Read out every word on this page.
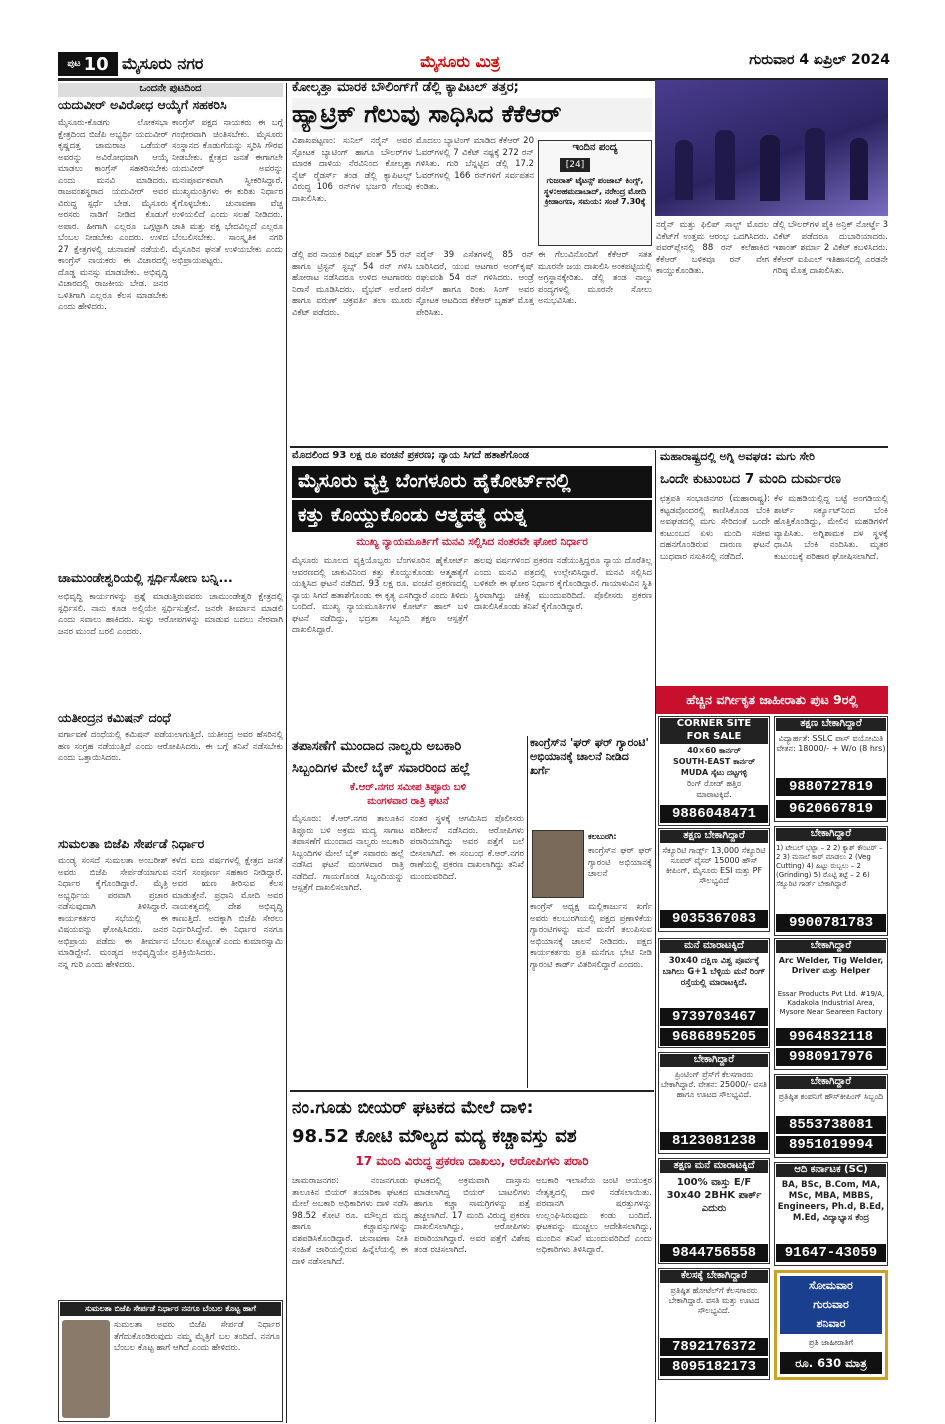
ಪುಟ 10 ಮೈಸೂರು ನಗರ	ಮೈಸೂರು ಮಿತ್ರ	ಗುರುವಾರ 4 ಏಪ್ರಿಲ್ 2024
ಒಂದನೇ ಪುಟದಿಂದ
ಯದುವೀರ್ ಅವಿರೋಧ ಆಯ್ಕೆಗೆ ಸಹಕರಿಸಿ
ಮೈಸೂರು-ಕೊಡಗು ಲೋಕಸಭಾ ಕ್ಷೇತ್ರದಿಂದ ಬಿಜೆಪಿ ಅಭ್ಯರ್ಥಿ ಯದುವೀರ್ ಕೃಷ್ಣದತ್ತ ಚಾಮರಾಜ ಒಡೆಯರ್ ಅವರನ್ನು ಅವಿರೋಧವಾಗಿ ಆಯ್ಕೆ ಮಾಡಲು ಕಾಂಗ್ರೆಸ್ ಸಹಕರಿಸಬೇಕು ಎಂದು ಮನವಿ ಮಾಡಿದರು. ರಾಜವಂಶಸ್ಥರಾದ ಯದುವೀರ್ ಅವರ ವಿರುದ್ಧ ಸ್ಪರ್ಧೆ ಬೇಡ. ಮೈಸೂರು ಅರಸರು ನಾಡಿಗೆ ನೀಡಿದ ಕೊಡುಗೆ ಅಪಾರ. ಹೀಗಾಗಿ ಎಲ್ಲರೂ ಒಗ್ಗಟ್ಟಾಗಿ ಬೆಂಬಲ ನೀಡಬೇಕು ಎಂದರು. ಉಳಿದ 27 ಕ್ಷೇತ್ರಗಳಲ್ಲಿ ಚುನಾವಣೆ ನಡೆಯಲಿ. ಕಾಂಗ್ರೆಸ್ ನಾಯಕರು ಈ ವಿಚಾರದಲ್ಲಿ ದೊಡ್ಡ ಮನಸ್ಸು ಮಾಡಬೇಕು. ಅಭಿವೃದ್ಧಿ ವಿಚಾರದಲ್ಲಿ ರಾಜಕೀಯ ಬೇಡ. ಜನರ ಒಳಿತಿಗಾಗಿ ಎಲ್ಲರೂ ಕೆಲಸ ಮಾಡಬೇಕು ಎಂದು ಹೇಳಿದರು.
ಕಾಂಗ್ರೆಸ್ ಪಕ್ಷದ ನಾಯಕರು ಈ ಬಗ್ಗೆ ಗಂಭೀರವಾಗಿ ಚಿಂತಿಸಬೇಕು. ಮೈಸೂರು ಸಂಸ್ಥಾನದ ಕೊಡುಗೆಯನ್ನು ಸ್ಮರಿಸಿ ಗೌರವ ನೀಡಬೇಕು. ಕ್ಷೇತ್ರದ ಜನತೆ ಈಗಾಗಲೇ ಯದುವೀರ್ ಅವರನ್ನು ಮನಃಪೂರ್ವಕವಾಗಿ ಸ್ವೀಕರಿಸಿದ್ದಾರೆ. ಮುಖ್ಯಮಂತ್ರಿಗಳು ಈ ಕುರಿತು ನಿರ್ಧಾರ ಕೈಗೊಳ್ಳಬೇಕು. ಚುನಾವಣಾ ವೆಚ್ಚ ಉಳಿಯಲಿದೆ ಎಂದು ಸಲಹೆ ನೀಡಿದರು. ಜಾತಿ ಮತ್ತು ಪಕ್ಷ ಭೇದವಿಲ್ಲದೆ ಎಲ್ಲರೂ ಬೆಂಬಲಿಸಬೇಕು. ಸಾಂಸ್ಕೃತಿಕ ನಗರಿ ಮೈಸೂರಿನ ಘನತೆ ಉಳಿಯಬೇಕು ಎಂದು ಅಭಿಪ್ರಾಯಪಟ್ಟರು.
ಚಾಮುಂಡೇಶ್ವರಿಯಲ್ಲಿ ಸ್ಪರ್ಧಿಸೋಣ ಬನ್ನಿ...
ಅಭಿವೃದ್ಧಿ ಕಾರ್ಯಗಳನ್ನು ಪ್ರಶ್ನೆ ಮಾಡುತ್ತಿರುವವರು ಚಾಮುಂಡೇಶ್ವರಿ ಕ್ಷೇತ್ರದಲ್ಲಿ ಸ್ಪರ್ಧಿಸಲಿ. ನಾನು ಕೂಡ ಅಲ್ಲಿಯೇ ಸ್ಪರ್ಧಿಸುತ್ತೇನೆ. ಜನರೇ ತೀರ್ಮಾನ ಮಾಡಲಿ ಎಂದು ಸವಾಲು ಹಾಕಿದರು. ಸುಳ್ಳು ಆರೋಪಗಳನ್ನು ಮಾಡುವ ಬದಲು ನೇರವಾಗಿ ಜನರ ಮುಂದೆ ಬರಲಿ ಎಂದರು.
ಯತೀಂದ್ರನ ಕಮಿಷನ್ ದಂಧೆ
ವರ್ಗಾವಣೆ ದಂಧೆಯಲ್ಲಿ ಕಮಿಷನ್ ಪಡೆಯಲಾಗುತ್ತಿದೆ. ಯತೀಂದ್ರ ಅವರ ಹೆಸರಿನಲ್ಲಿ ಹಣ ಸಂಗ್ರಹ ನಡೆಯುತ್ತಿದೆ ಎಂದು ಆರೋಪಿಸಿದರು. ಈ ಬಗ್ಗೆ ತನಿಖೆ ನಡೆಸಬೇಕು ಎಂದು ಒತ್ತಾಯಿಸಿದರು.
ಸುಮಲತಾ ಬಿಜೆಪಿ ಸೇರ್ಪಡೆ ನಿರ್ಧಾರ
ಮಂಡ್ಯ ಸಂಸದೆ ಸುಮಲತಾ ಅಂಬರೀಶ್ ಅವರು ಬಿಜೆಪಿ ಸೇರ್ಪಡೆಯಾಗುವ ನಿರ್ಧಾರ ಕೈಗೊಂಡಿದ್ದಾರೆ. ಮೈತ್ರಿ ಅಭ್ಯರ್ಥಿಯ ಪರವಾಗಿ ಪ್ರಚಾರ ನಡೆಸುವುದಾಗಿ ತಿಳಿಸಿದ್ದಾರೆ. ಕಾರ್ಯಕರ್ತರ ಸಭೆಯಲ್ಲಿ ಈ ವಿಷಯವನ್ನು ಘೋಷಿಸಿದರು. ಜನರ ಅಭಿಪ್ರಾಯ ಪಡೆದು ಈ ತೀರ್ಮಾನ ಮಾಡಿದ್ದೇನೆ. ಮಂಡ್ಯದ ಅಭಿವೃದ್ಧಿಯೇ ನನ್ನ ಗುರಿ ಎಂದು ಹೇಳಿದರು.
ಕಳೆದ ಐದು ವರ್ಷಗಳಲ್ಲಿ ಕ್ಷೇತ್ರದ ಜನತೆ ನನಗೆ ಸಂಪೂರ್ಣ ಸಹಕಾರ ನೀಡಿದ್ದಾರೆ. ಅವರ ಋಣ ತೀರಿಸುವ ಕೆಲಸ ಮಾಡುತ್ತೇನೆ. ಪ್ರಧಾನಿ ಮೋದಿ ಅವರ ನಾಯಕತ್ವದಲ್ಲಿ ದೇಶ ಅಭಿವೃದ್ಧಿ ಕಾಣುತ್ತಿದೆ. ಅದಕ್ಕಾಗಿ ಬಿಜೆಪಿ ಸೇರಲು ನಿರ್ಧರಿಸಿದ್ದೇನೆ. ಈ ನಿರ್ಧಾರ ನನಗೂ ಬೆಂಬಲ ಕೊಟ್ಟಂತೆ ಎಂದು ಕುಮಾರಸ್ವಾಮಿ ಪ್ರತಿಕ್ರಿಯಿಸಿದರು.
ಸುಮಲತಾ ಬಿಜೆಪಿ ಸೇರ್ಪಡೆ ನಿರ್ಧಾರ ನನಗೂ ಬೆಂಬಲ ಕೊಟ್ಟ ಹಾಗೆ
ಸುಮಲತಾ ಅವರು ಬಿಜೆಪಿ ಸೇರ್ಪಡೆ ನಿರ್ಧಾರ ತೆಗೆದುಕೊಂಡಿರುವುದು ನಮ್ಮ ಮೈತ್ರಿಗೆ ಬಲ ತಂದಿದೆ. ನನಗೂ ಬೆಂಬಲ ಕೊಟ್ಟ ಹಾಗೆ ಆಗಿದೆ ಎಂದು ಹೇಳಿದರು.
ಕೋಲ್ಕತ್ತಾ ಮಾರಕ ಬೌಲಿಂಗ್‌ಗೆ ಡೆಲ್ಲಿ ಕ್ಯಾಪಿಟಲ್ ತತ್ತರ;
ಹ್ಯಾಟ್ರಿಕ್ ಗೆಲುವು ಸಾಧಿಸಿದ ಕೆಕೆಆರ್
ವಿಶಾಖಪಟ್ಟಣಂ: ಸುನಿಲ್ ನರೈನ್ ಅವರ ಸ್ಫೋಟಕ ಬ್ಯಾಟಿಂಗ್ ಹಾಗೂ ಬೌಲರ್‌ಗಳ ಮಾರಕ ದಾಳಿಯ ನೆರವಿನಿಂದ ಕೋಲ್ಕತ್ತಾ ನೈಟ್ ರೈಡರ್ಸ್ ತಂಡ ಡೆಲ್ಲಿ ಕ್ಯಾಪಿಟಲ್ಸ್ ವಿರುದ್ಧ 106 ರನ್‌ಗಳ ಭರ್ಜರಿ ಗೆಲುವು ದಾಖಲಿಸಿತು.
ಮೊದಲು ಬ್ಯಾಟಿಂಗ್ ಮಾಡಿದ ಕೆಕೆಆರ್ 20 ಓವರ್‌ಗಳಲ್ಲಿ 7 ವಿಕೆಟ್ ನಷ್ಟಕ್ಕೆ 272 ರನ್ ಗಳಿಸಿತು. ಗುರಿ ಬೆನ್ನಟ್ಟಿದ ಡೆಲ್ಲಿ 17.2 ಓವರ್‌ಗಳಲ್ಲಿ 166 ರನ್‌ಗಳಿಗೆ ಸರ್ವಪತನ ಕಂಡಿತು.
ಇಂದಿನ ಪಂದ್ಯ
[24]
ಗುಜರಾತ್ ಟೈಟನ್ಸ್ ಪಂಜಾಬ್ ಕಿಂಗ್ಸ್, ಸ್ಥಳ:ಅಹಮದಾಬಾದ್, ನರೇಂದ್ರ ಮೋದಿ ಕ್ರೀಡಾಂಗಣ, ಸಮಯ: ಸಂಜೆ 7.30ಕ್ಕೆ
ಡೆಲ್ಲಿ ಪರ ನಾಯಕ ರಿಷಭ್ ಪಂತ್ 55 ರನ್ ಹಾಗೂ ಟ್ರಿಸ್ಟನ್ ಸ್ಟಬ್ಸ್ 54 ರನ್ ಗಳಿಸಿ ಹೋರಾಟ ನಡೆಸಿದರೂ ಉಳಿದ ಆಟಗಾರರು ನಿರಾಸೆ ಮೂಡಿಸಿದರು. ವೈಭವ್ ಅರೋರ ಹಾಗೂ ವರುಣ್ ಚಕ್ರವರ್ತಿ ತಲಾ ಮೂರು ವಿಕೆಟ್ ಪಡೆದರು.
ನರೈನ್ 39 ಎಸೆತಗಳಲ್ಲಿ 85 ರನ್ ಬಾರಿಸಿದರೆ, ಯುವ ಆಟಗಾರ ಅಂಗ್‌ಕೃಷ್ ರಘುವಂಶಿ 54 ರನ್ ಗಳಿಸಿದರು. ಆಂಡ್ರೆ ರಸೆಲ್ ಹಾಗೂ ರಿಂಕು ಸಿಂಗ್ ಅವರ ಸ್ಫೋಟಕ ಆಟದಿಂದ ಕೆಕೆಆರ್ ಬೃಹತ್ ಮೊತ್ತ ಪೇರಿಸಿತು.
ಈ ಗೆಲುವಿನೊಂದಿಗೆ ಕೆಕೆಆರ್ ಸತತ ಮೂರನೇ ಜಯ ದಾಖಲಿಸಿ ಅಂಕಪಟ್ಟಿಯಲ್ಲಿ ಅಗ್ರಸ್ಥಾನಕ್ಕೇರಿತು. ಡೆಲ್ಲಿ ತಂಡ ನಾಲ್ಕು ಪಂದ್ಯಗಳಲ್ಲಿ ಮೂರನೇ ಸೋಲು ಅನುಭವಿಸಿತು.
ನರೈನ್ ಮತ್ತು ಫಿಲಿಪ್ ಸಾಲ್ಟ್ ಮೊದಲ ವಿಕೆಟ್‌ಗೆ ಉತ್ತಮ ಆರಂಭ ಒದಗಿಸಿದರು. ಪವರ್‌ಪ್ಲೇನಲ್ಲಿ 88 ರನ್ ಕಲೆಹಾಕಿದ ಕೆಕೆಆರ್ ಬಳಿಕವೂ ರನ್ ವೇಗ ಕಾಯ್ದುಕೊಂಡಿತು.
ಡೆಲ್ಲಿ ಬೌಲರ್‌ಗಳ ಪೈಕಿ ಅನ್ರಿಕ್ ನೋರ್ಟ್ಜೆ 3 ವಿಕೆಟ್ ಪಡೆದರೂ ದುಬಾರಿಯಾದರು. ಇಶಾಂತ್ ಶರ್ಮಾ 2 ವಿಕೆಟ್ ಕಬಳಿಸಿದರು. ಕೆಕೆಆರ್ ಐಪಿಎಲ್ ಇತಿಹಾಸದಲ್ಲಿ ಎರಡನೇ ಗರಿಷ್ಠ ಮೊತ್ತ ದಾಖಲಿಸಿತು.
ಮೊದಲಿಂದ 93 ಲಕ್ಷ ರೂ ವಂಚನೆ ಪ್ರಕರಣ; ನ್ಯಾಯ ಸಿಗದೆ ಹತಾಶೆಗೊಂಡ
ಮೈಸೂರು ವ್ಯಕ್ತಿ ಬೆಂಗಳೂರು ಹೈಕೋರ್ಟ್‌ನಲ್ಲಿ
ಕತ್ತು ಕೊಯ್ದುಕೊಂಡು ಆತ್ಮಹತ್ಯೆ ಯತ್ನ
ಮುಖ್ಯ ನ್ಯಾಯಮೂರ್ತಿಗೆ ಮನವಿ ಸಲ್ಲಿಸಿದ ನಂತರವೇ ಘೋರ ನಿರ್ಧಾರ
ಮೈಸೂರು ಮೂಲದ ವ್ಯಕ್ತಿಯೊಬ್ಬರು ಬೆಂಗಳೂರಿನ ಹೈಕೋರ್ಟ್ ಆವರಣದಲ್ಲಿ ಚಾಕುವಿನಿಂದ ಕತ್ತು ಕೊಯ್ದುಕೊಂಡು ಆತ್ಮಹತ್ಯೆಗೆ ಯತ್ನಿಸಿದ ಘಟನೆ ನಡೆದಿದೆ. 93 ಲಕ್ಷ ರೂ. ವಂಚನೆ ಪ್ರಕರಣದಲ್ಲಿ ನ್ಯಾಯ ಸಿಗದೆ ಹತಾಶೆಗೊಂಡು ಈ ಕೃತ್ಯ ಎಸಗಿದ್ದಾರೆ ಎಂದು ತಿಳಿದು ಬಂದಿದೆ. ಮುಖ್ಯ ನ್ಯಾಯಮೂರ್ತಿಗಳ ಕೋರ್ಟ್ ಹಾಲ್ ಬಳಿ ಘಟನೆ ನಡೆದಿದ್ದು, ಭದ್ರತಾ ಸಿಬ್ಬಂದಿ ತಕ್ಷಣ ಆಸ್ಪತ್ರೆಗೆ ದಾಖಲಿಸಿದ್ದಾರೆ.
ಹಲವು ವರ್ಷಗಳಿಂದ ಪ್ರಕರಣ ನಡೆಯುತ್ತಿದ್ದರೂ ನ್ಯಾಯ ದೊರೆತಿಲ್ಲ ಎಂದು ಮನವಿ ಪತ್ರದಲ್ಲಿ ಉಲ್ಲೇಖಿಸಿದ್ದಾರೆ. ಮನವಿ ಸಲ್ಲಿಸಿದ ಬಳಿಕವೇ ಈ ಘೋರ ನಿರ್ಧಾರ ಕೈಗೊಂಡಿದ್ದಾರೆ. ಗಾಯಾಳುವಿನ ಸ್ಥಿತಿ ಸ್ಥಿರವಾಗಿದ್ದು ಚಿಕಿತ್ಸೆ ಮುಂದುವರಿದಿದೆ. ಪೊಲೀಸರು ಪ್ರಕರಣ ದಾಖಲಿಸಿಕೊಂಡು ತನಿಖೆ ಕೈಗೊಂಡಿದ್ದಾರೆ.
ಮಹಾರಾಷ್ಟ್ರದಲ್ಲಿ ಅಗ್ನಿ ಅವಘಡ: ಮಗು ಸೇರಿ
ಒಂದೇ ಕುಟುಂಬದ 7 ಮಂದಿ ದುರ್ಮರಣ
ಛತ್ರಪತಿ ಸಂಭಾಜಿನಗರ (ಮಹಾರಾಷ್ಟ್ರ): ಕಟ್ಟಡವೊಂದರಲ್ಲಿ ಕಾಣಿಸಿಕೊಂಡ ಬೆಂಕಿ ಅವಘಡದಲ್ಲಿ ಮಗು ಸೇರಿದಂತೆ ಒಂದೇ ಕುಟುಂಬದ ಏಳು ಮಂದಿ ಸಜೀವ ದಹನಗೊಂಡಿರುವ ದಾರುಣ ಘಟನೆ ಬುಧವಾರ ನಸುಕಿನಲ್ಲಿ ನಡೆದಿದೆ.
ಕೆಳ ಮಹಡಿಯಲ್ಲಿದ್ದ ಬಟ್ಟೆ ಅಂಗಡಿಯಲ್ಲಿ ಶಾರ್ಟ್ ಸರ್ಕ್ಯೂಟ್‌ನಿಂದ ಬೆಂಕಿ ಹೊತ್ತಿಕೊಂಡಿದ್ದು, ಮೇಲಿನ ಮಹಡಿಗಳಿಗೆ ವ್ಯಾಪಿಸಿತು. ಅಗ್ನಿಶಾಮಕ ದಳ ಸ್ಥಳಕ್ಕೆ ಧಾವಿಸಿ ಬೆಂಕಿ ನಂದಿಸಿತು. ಮೃತರ ಕುಟುಂಬಕ್ಕೆ ಪರಿಹಾರ ಘೋಷಿಸಲಾಗಿದೆ.
ಹೆಚ್ಚಿನ ವರ್ಗೀಕೃತ ಜಾಹೀರಾತು ಪುಟ 9ರಲ್ಲಿ
ತಪಾಸಣೆಗೆ ಮುಂದಾದ ನಾಲ್ವರು ಅಬಕಾರಿ
ಸಿಬ್ಬಂದಿಗಳ ಮೇಲೆ ಬೈಕ್ ಸವಾರರಿಂದ ಹಲ್ಲೆ
ಕೆ.ಆರ್.ನಗರ ಸಮೀಪ ತಿಪ್ಪೂರು ಬಳಿ
ಮಂಗಳವಾರ ರಾತ್ರಿ ಘಟನೆ
ಮೈಸೂರು: ಕೆ.ಆರ್.ನಗರ ತಾಲೂಕಿನ ತಿಪ್ಪೂರು ಬಳಿ ಅಕ್ರಮ ಮದ್ಯ ಸಾಗಾಟ ತಪಾಸಣೆಗೆ ಮುಂದಾದ ನಾಲ್ವರು ಅಬಕಾರಿ ಸಿಬ್ಬಂದಿಗಳ ಮೇಲೆ ಬೈಕ್ ಸವಾರರು ಹಲ್ಲೆ ನಡೆಸಿದ ಘಟನೆ ಮಂಗಳವಾರ ರಾತ್ರಿ ನಡೆದಿದೆ. ಗಾಯಗೊಂಡ ಸಿಬ್ಬಂದಿಯನ್ನು ಆಸ್ಪತ್ರೆಗೆ ದಾಖಲಿಸಲಾಗಿದೆ.
ನಂತರ ಸ್ಥಳಕ್ಕೆ ಆಗಮಿಸಿದ ಪೊಲೀಸರು ಪರಿಶೀಲನೆ ನಡೆಸಿದರು. ಆರೋಪಿಗಳು ಪರಾರಿಯಾಗಿದ್ದು ಅವರ ಪತ್ತೆಗೆ ಬಲೆ ಬೀಸಲಾಗಿದೆ. ಈ ಸಂಬಂಧ ಕೆ.ಆರ್.ನಗರ ಠಾಣೆಯಲ್ಲಿ ಪ್ರಕರಣ ದಾಖಲಾಗಿದ್ದು ತನಿಖೆ ಮುಂದುವರಿದಿದೆ.
ಕಾಂಗ್ರೆಸ್‌ನ 'ಘರ್ ಘರ್ ಗ್ಯಾರಂಟಿ' ಅಭಿಯಾನಕ್ಕೆ ಚಾಲನೆ ನೀಡಿದ ಖರ್ಗೆ
ಕಲಬುರಗಿ:
ಕಾಂಗ್ರೆಸ್‌ನ ಘರ್ ಘರ್ ಗ್ಯಾರಂಟಿ ಅಭಿಯಾನಕ್ಕೆ ಚಾಲನೆ
ಕಾಂಗ್ರೆಸ್ ಅಧ್ಯಕ್ಷ ಮಲ್ಲಿಕಾರ್ಜುನ ಖರ್ಗೆ ಅವರು ಕಲಬುರಗಿಯಲ್ಲಿ ಪಕ್ಷದ ಪ್ರಣಾಳಿಕೆಯ ಗ್ಯಾರಂಟಿಗಳನ್ನು ಮನೆ ಮನೆಗೆ ತಲುಪಿಸುವ ಅಭಿಯಾನಕ್ಕೆ ಚಾಲನೆ ನೀಡಿದರು. ಪಕ್ಷದ ಕಾರ್ಯಕರ್ತರು ಪ್ರತಿ ಮನೆಗೂ ಭೇಟಿ ನೀಡಿ ಗ್ಯಾರಂಟಿ ಕಾರ್ಡ್ ವಿತರಿಸಲಿದ್ದಾರೆ ಎಂದರು.
ನಂ.ಗೂಡು ಬೀಯರ್ ಘಟಕದ ಮೇಲೆ ದಾಳಿ:
98.52 ಕೋಟಿ ಮೌಲ್ಯದ ಮದ್ಯ ಕಚ್ಚಾವಸ್ತು ವಶ
17 ಮಂದಿ ವಿರುದ್ಧ ಪ್ರಕರಣ ದಾಖಲು, ಆರೋಪಿಗಳು ಪರಾರಿ
ಚಾಮರಾಜನಗರ: ನಂಜನಗೂಡು ತಾಲೂಕಿನ ಬಿಯರ್ ತಯಾರಿಕಾ ಘಟಕದ ಮೇಲೆ ಅಬಕಾರಿ ಅಧಿಕಾರಿಗಳು ದಾಳಿ ನಡೆಸಿ 98.52 ಕೋಟಿ ರೂ. ಮೌಲ್ಯದ ಮದ್ಯ ಹಾಗೂ ಕಚ್ಚಾವಸ್ತುಗಳನ್ನು ವಶಪಡಿಸಿಕೊಂಡಿದ್ದಾರೆ. ಚುನಾವಣಾ ನೀತಿ ಸಂಹಿತೆ ಜಾರಿಯಲ್ಲಿರುವ ಹಿನ್ನೆಲೆಯಲ್ಲಿ ಈ ದಾಳಿ ನಡೆಸಲಾಗಿದೆ.
ಘಟಕದಲ್ಲಿ ಅಕ್ರಮವಾಗಿ ದಾಸ್ತಾನು ಮಾಡಲಾಗಿದ್ದ ಬಿಯರ್ ಬಾಟಲಿಗಳು ಹಾಗೂ ಕಚ್ಚಾ ಸಾಮಗ್ರಿಗಳನ್ನು ಪತ್ತೆ ಹಚ್ಚಲಾಗಿದೆ. 17 ಮಂದಿ ವಿರುದ್ಧ ಪ್ರಕರಣ ದಾಖಲಿಸಲಾಗಿದ್ದು, ಆರೋಪಿಗಳು ಪರಾರಿಯಾಗಿದ್ದಾರೆ. ಅವರ ಪತ್ತೆಗೆ ವಿಶೇಷ ತಂಡ ರಚಿಸಲಾಗಿದೆ.
ಅಬಕಾರಿ ಇಲಾಖೆಯ ಜಂಟಿ ಆಯುಕ್ತರ ನೇತೃತ್ವದಲ್ಲಿ ದಾಳಿ ನಡೆಸಲಾಯಿತು. ಪರವಾನಗಿ ಷರತ್ತುಗಳನ್ನು ಉಲ್ಲಂಘಿಸಿರುವುದು ಕಂಡು ಬಂದಿದೆ. ಘಟಕವನ್ನು ಮುಚ್ಚಲು ಆದೇಶಿಸಲಾಗಿದ್ದು, ಮುಂದಿನ ತನಿಖೆ ಮುಂದುವರಿದಿದೆ ಎಂದು ಅಧಿಕಾರಿಗಳು ತಿಳಿಸಿದ್ದಾರೆ.
CORNER SITE
FOR SALE
40×60 ಕಾರ್ನರ್
SOUTH-EAST ಕಾರ್ನರ್
MUDA ಸೈಟು ದಟ್ಟಗಳ್ಳಿ
ರಿಂಗ್ ರೋಡ್ ಹತ್ತಿರ
ಮಾರಾಟಕ್ಕಿದೆ.
9886048471
ತಕ್ಷಣ ಬೇಕಾಗಿದ್ದಾರೆ
ವಿದ್ಯಾರ್ಹತೆ: SSLC ಪಾಸ್ ವಯೋಮಿತಿ ವೇತನ: 18000/- + W/o (8 hrs)
9880727819
9620667819
ತಕ್ಷಣ ಬೇಕಾಗಿದ್ದಾರೆ
ಸೆಕ್ಯೂರಿಟಿ ಗಾರ್ಡ್ಸ್ 13,000 ಸೆಕ್ಯೂರಿಟಿ ಸೂಪರ್ ವೈಸರ್ 15000 ಹೌಸ್ ಕೀಪಿಂಗ್, ಮೈಸೂರು ESI ಮತ್ತು PF ಸೌಲಭ್ಯವಿದೆ
9035367083
ಬೇಕಾಗಿದ್ದಾರೆ
1) ಟೇಬಲ್ ಭಟ್ಟಾ – 2 2) ಕ್ಯಾಶ್ ಕೌಂಟರ್ – 2 3) ಮಸಾಲೆ ಕಾರ್ ಮಾಡಲು 2 (Veg Cutting) 4) ಹಿಟ್ಟು ರುಬ್ಬಲು – 2 (Grinding) 5) ರೊಟ್ಟಿ ತಟ್ಟೆ – 2 6) ಸೆಕ್ಯೂರಿಟಿ ಗಾರ್ಡ್ ಬೇಕಾಗಿದ್ದಾರೆ
9900781783
ಮನೆ ಮಾರಾಟಕ್ಕಿದೆ
30x40 ದಕ್ಷಿಣ ವಿಶ್ವ ಪೂರ್ವಕ್ಕೆ ಬಾಗಿಲು G+1 ಬೆಳ್ಳಿಯ ಮನೆ ರಿಂಗ್ ರಸ್ತೆಯಲ್ಲಿ ಮಾರಾಟಕ್ಕಿದೆ.
9739703467
9686895205
ಬೇಕಾಗಿದ್ದಾರೆ
Arc Welder, Tig Welder, Driver ಮತ್ತು Helper
Essar Products Pvt Ltd. #19/A, Kadakola Industrial Area, Mysore Near Seareen Factory
9964832118
9980917976
ಬೇಕಾಗಿದ್ದಾರೆ
ಪ್ರಿಂಟಿಂಗ್ ಪ್ರೆಸ್‌ಗೆ ಕೆಲಸಗಾರರು ಬೇಕಾಗಿದ್ದಾರೆ. ವೇತನ: 25000/- ವಸತಿ ಹಾಗೂ ಊಟದ ಸೌಲಭ್ಯವಿದೆ.
8123081238
ಬೇಕಾಗಿದ್ದಾರೆ
ಪ್ರತಿಷ್ಠಿತ ಕಂಪನಿಗೆ ಹೌಸ್‌ಕೀಪಿಂಗ್ ಸಿಬ್ಬಂದಿ
8553738081
8951019994
ತಕ್ಷಣ ಮನೆ ಮಾರಾಟಕ್ಕಿದೆ
100% ವಾಸ್ತು E/F 30x40 2BHK ಪಾರ್ಕ್ ಎದುರು
9844756558
ಆದಿ ಕರ್ನಾಟಕ (SC)
BA, BSc, B.Com, MA, MSc, MBA, MBBS, Engineers, Ph.d, B.Ed, M.Ed, ವಿದ್ಯಾಭ್ಯಾಸ ಕೆಂದ್ರ
91647-43059
ಕೆಲಸಕ್ಕೆ ಬೇಕಾಗಿದ್ದಾರೆ
ಪ್ರತಿಷ್ಠಿತ ಹೋಟೆಲ್‌ಗೆ ಕೆಲಸಗಾರರು ಬೇಕಾಗಿದ್ದಾರೆ. ವಸತಿ ಮತ್ತು ಊಟದ ಸೌಲಭ್ಯವಿದೆ.
7892176372
8095182173
ಸೋಮವಾರ
ಗುರುವಾರ
ಶನಿವಾರ
ಪ್ರತಿ ಜಾಹೀರಾತಿಗೆ
ರೂ. 630 ಮಾತ್ರ
